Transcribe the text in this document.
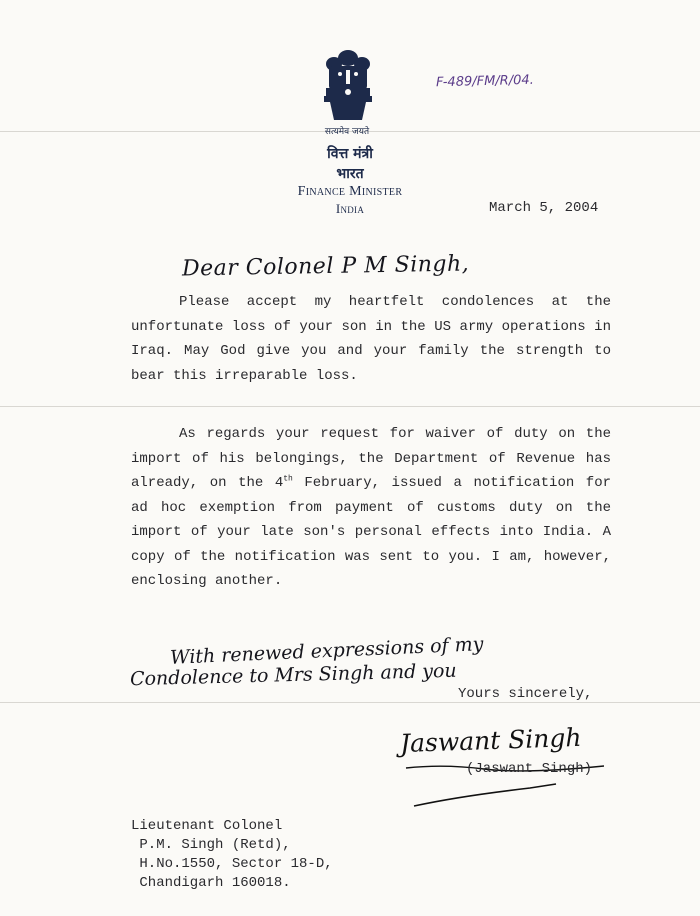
सत्यमेव जयते
वित्त मंत्री
भारत
Finance Minister
India
F-489/FM/R/04.
March 5, 2004
Dear Colonel P M Singh,
Please accept my heartfelt condolences at the unfortunate loss of your son in the US army operations in Iraq. May God give you and your family the strength to bear this irreparable loss.
As regards your request for waiver of duty on the import of his belongings, the Department of Revenue has already, on the 4th February, issued a notification for ad hoc exemption from payment of customs duty on the import of your late son's personal effects into India. A copy of the notification was sent to you. I am, however, enclosing another.
With renewed expressions of my
Condolence to Mrs Singh and you
Yours sincerely,
Jaswant Singh
(Jaswant Singh)
Lieutenant Colonel
P.M. Singh (Retd),
H.No.1550, Sector 18-D,
Chandigarh 160018.
